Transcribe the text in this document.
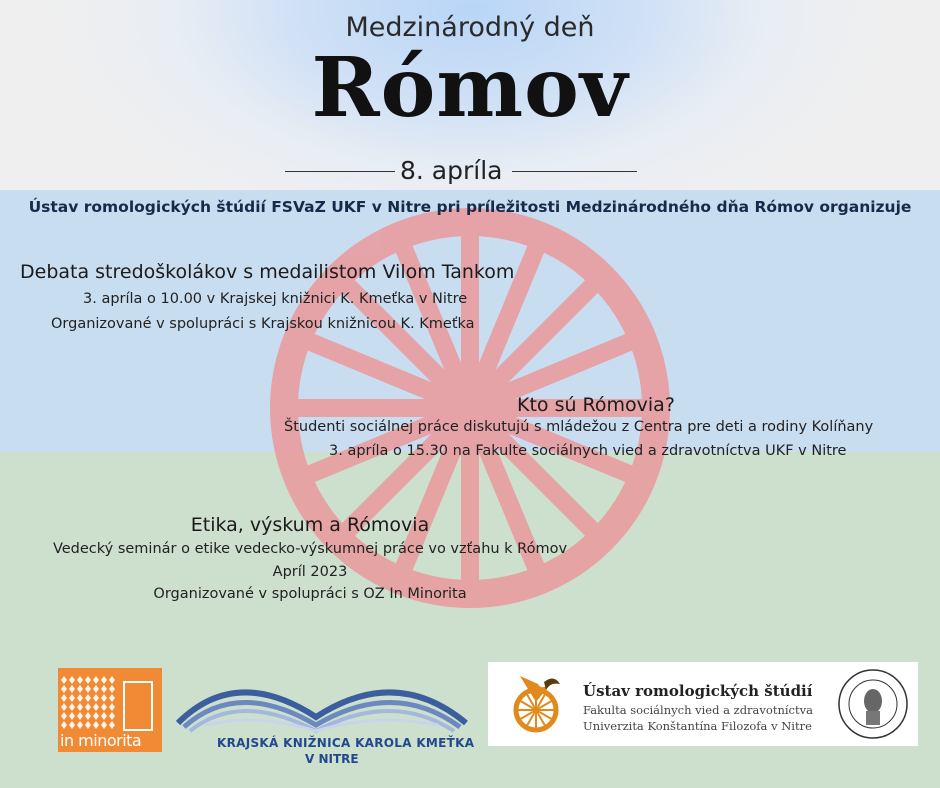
Medzinárodný deň
Rómov
8. apríla
Ústav romologických štúdií FSVaZ UKF v Nitre pri príležitosti Medzinárodného dňa Rómov organizuje
Debata stredoškolákov s medailistom Vilom Tankom
3. apríla o 10.00 v Krajskej knižnici K. Kmeťka v Nitre
Organizované v spolupráci s Krajskou knižnicou K. Kmeťka
Kto sú Rómovia?
Študenti sociálnej práce diskutujú s mládežou z Centra pre deti a rodiny Kolíňany
3. apríla o 15.30 na Fakulte sociálnych vied a zdravotníctva UKF v Nitre
Etika, výskum a Rómovia
Vedecký seminár o etike vedecko-výskumnej práce vo vzťahu k Rómov
Apríl 2023
Organizované v spolupráci s OZ In Minorita
in minorita	KRAJSKÁ KNIŽNICA KAROLA KMEŤKA
V NITRE
Ústav romologických štúdií
Fakulta sociálnych vied a zdravotníctva
Univerzita Konštantína Filozofa v Nitre
